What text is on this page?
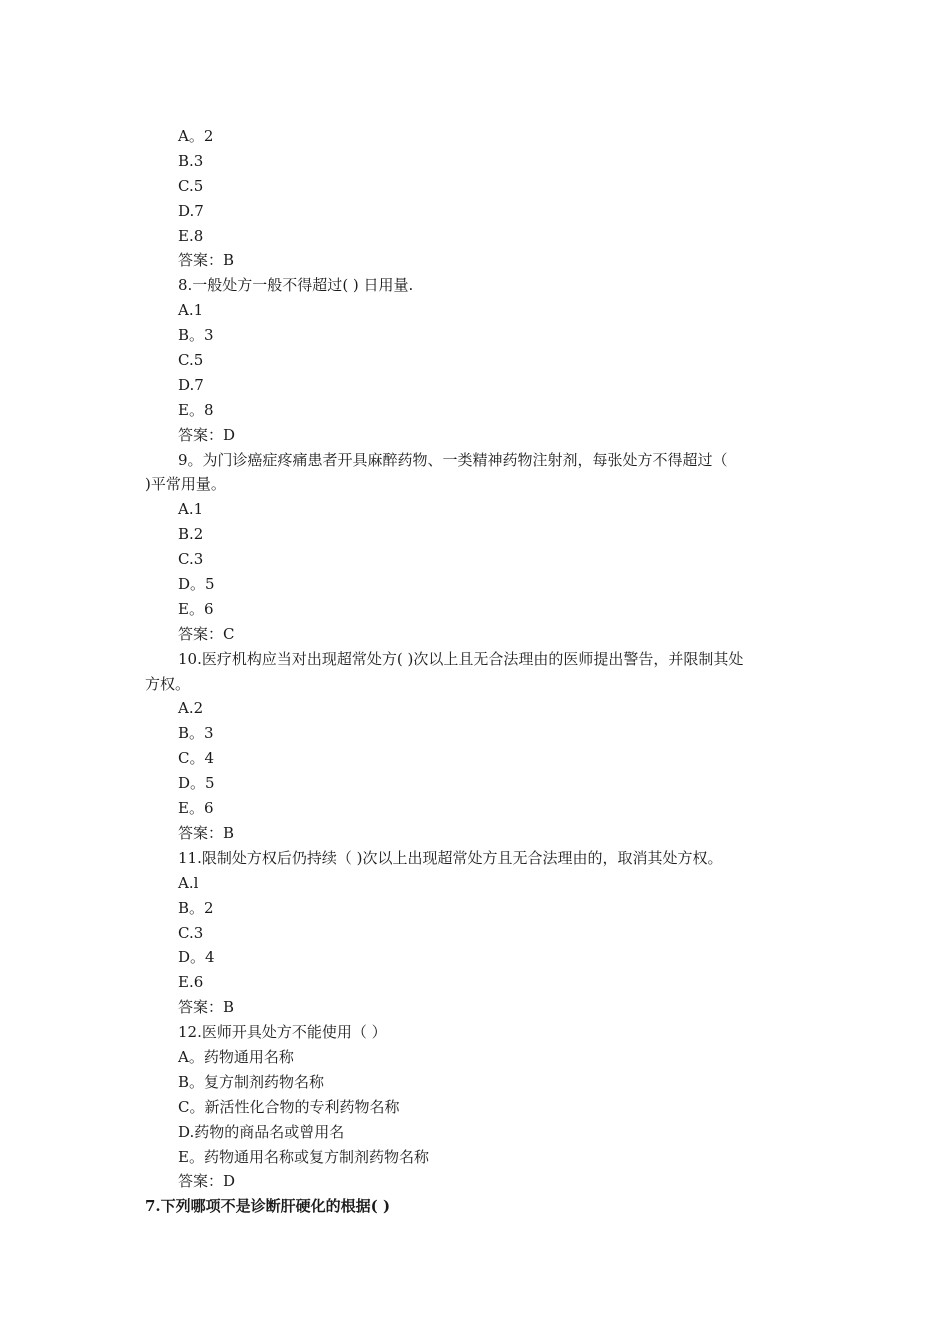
A。2
B.3
C.5
D.7
E.8
答案：B
8.一般处方一般不得超过( ) 日用量.
A.1
B。3
C.5
D.7
E。8
答案：D
9。为门诊癌症疼痛患者开具麻醉药物、一类精神药物注射剂，每张处方不得超过（
)平常用量。
A.1
B.2
C.3
D。5
E。6
答案：C
10.医疗机构应当对出现超常处方( )次以上且无合法理由的医师提出警告，并限制其处
方权。
A.2
B。3
C。4
D。5
E。6
答案：B
11.限制处方权后仍持续（ )次以上出现超常处方且无合法理由的，取消其处方权。
A.l
B。2
C.3
D。4
E.6
答案：B
12.医师开具处方不能使用（ ）
A。药物通用名称
B。复方制剂药物名称
C。新活性化合物的专利药物名称
D.药物的商品名或曾用名
E。药物通用名称或复方制剂药物名称
答案：D
7.下列哪项不是诊断肝硬化的根据( )
